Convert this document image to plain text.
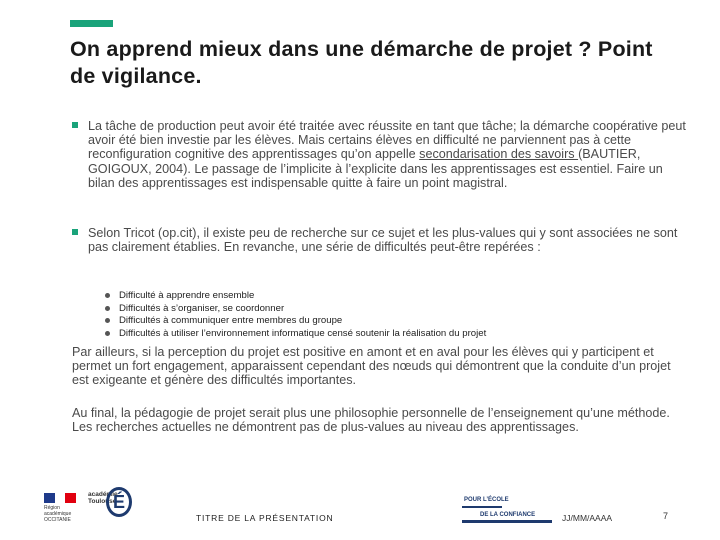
On apprend mieux dans une démarche de projet ? Point de vigilance.
La tâche de production peut avoir été traitée avec réussite en tant que tâche; la démarche coopérative peut avoir été bien investie par les élèves. Mais certains élèves en difficulté ne parviennent pas à cette reconfiguration cognitive des apprentissages qu’on appelle secondarisation des savoirs (BAUTIER, GOIGOUX, 2004). Le passage de l’implicite à l’explicite dans les apprentissages est essentiel. Faire un bilan des apprentissages est indispensable quitte à faire un point magistral.
Selon Tricot (op.cit), il existe peu de recherche sur ce sujet et les plus-values qui y sont associées ne sont pas clairement établies. En revanche, une série de difficultés peut-être repérées :
Difficulté à apprendre ensemble
Difficultés à s’organiser, se coordonner
Difficultés à communiquer entre membres du groupe
Difficultés à utiliser l’environnement informatique censé soutenir la réalisation du projet
Par ailleurs, si la perception du projet est positive en amont et en aval pour les élèves qui y participent et permet un fort engagement, apparaissent cependant des nœuds qui démontrent que la conduite d’un projet est exigeante et génère des difficultés importantes.
Au final, la pédagogie de projet serait plus une philosophie personnelle de l’enseignement qu’une méthode. Les recherches actuelles ne démontrent pas de plus-values au niveau des apprentissages.
Région académique OCCITANIE
académie Toulouse
É
TITRE DE LA PRÉSENTATION
POUR L’ÉCOLE
DE LA CONFIANCE	JJ/MM/AAAA	7
